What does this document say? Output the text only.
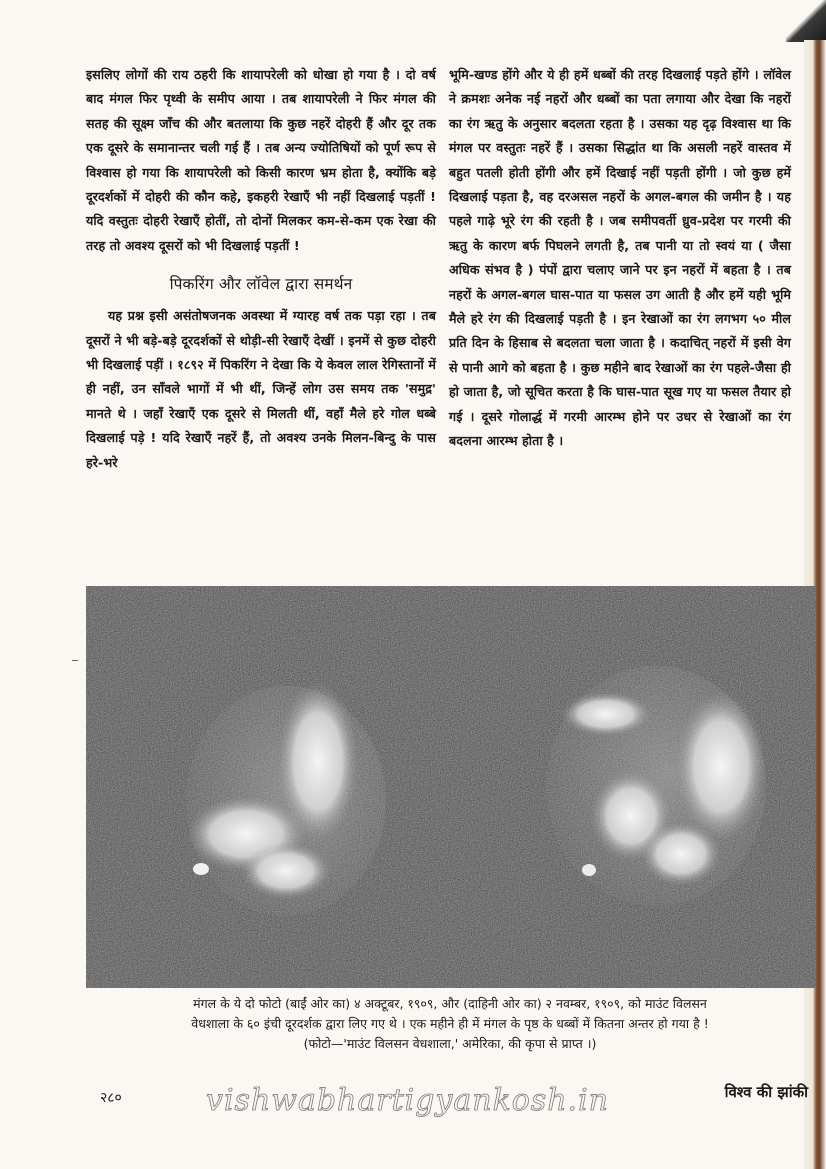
इसलिए लोगों की राय ठहरी कि शायापरेली को धोखा हो गया है । दो वर्ष बाद मंगल फिर पृथ्वी के समीप आया । तब शायापरेली ने फिर मंगल की सतह की सूक्ष्म जाँच की और बतलाया कि कुछ नहरें दोहरी हैं और दूर तक एक दूसरे के समानान्तर चली गई हैं । तब अन्य ज्योतिषियों को पूर्ण रूप से विश्वास हो गया कि शायापरेली को किसी कारण भ्रम होता है, क्योंकि बड़े दूरदर्शकों में दोहरी की कौन कहे, इकहरी रेखाएँ भी नहीं दिखलाई पड़तीं ! यदि वस्तुतः दोहरी रेखाएँ होतीं, तो दोनों मिलकर कम-से-कम एक रेखा की तरह तो अवश्य दूसरों को भी दिखलाई पड़तीं !

पिकरिंग और लॉवेल द्वारा समर्थन

यह प्रश्न इसी असंतोषजनक अवस्था में ग्यारह वर्ष तक पड़ा रहा । तब दूसरों ने भी बड़े-बड़े दूरदर्शकों से थोड़ी-सी रेखाएँ देखीं । इनमें से कुछ दोहरी भी दिखलाई पड़ीं । १८९२ में पिकरिंग ने देखा कि ये केवल लाल रेगिस्तानों में ही नहीं, उन साँवले भागों में भी थीं, जिन्हें लोग उस समय तक 'समुद्र' मानते थे । जहाँ रेखाएँ एक दूसरे से मिलती थीं, वहाँ मैले हरे गोल धब्बे दिखलाई पड़े ! यदि रेखाएँ नहरें हैं, तो अवश्य उनके मिलन-बिन्दु के पास हरे-भरे

भूमि-खण्ड होंगे और ये ही हमें धब्बों की तरह दिखलाई पड़ते होंगे । लॉवेल ने क्रमशः अनेक नई नहरों और धब्बों का पता लगाया और देखा कि नहरों का रंग ऋतु के अनुसार बदलता रहता है । उसका यह दृढ़ विश्वास था कि मंगल पर वस्तुतः नहरें हैं । उसका सिद्धांत था कि असली नहरें वास्तव में बहुत पतली होती होंगी और हमें दिखाई नहीं पड़ती होंगी । जो कुछ हमें दिखलाई पड़ता है, वह दरअसल नहरों के अगल-बगल की जमीन है । यह पहले गाढ़े भूरे रंग की रहती है । जब समीपवर्ती ध्रुव-प्रदेश पर गरमी की ऋतु के कारण बर्फ पिघलने लगती है, तब पानी या तो स्वयं या ( जैसा अधिक संभव है ) पंपों द्वारा चलाए जाने पर इन नहरों में बहता है । तब नहरों के अगल-बगल घास-पात या फसल उग आती है और हमें यही भूमि मैले हरे रंग की दिखलाई पड़ती है । इन रेखाओं का रंग लगभग ५० मील प्रति दिन के हिसाब से बदलता चला जाता है । कदाचित् नहरों में इसी वेग से पानी आगे को बहता है । कुछ महीने बाद रेखाओं का रंग पहले-जैसा ही हो जाता है, जो सूचित करता है कि घास-पात सूख गए या फसल तैयार हो गई । दूसरे गोलार्द्ध में गरमी आरम्भ होने पर उधर से रेखाओं का रंग बदलना आरम्भ होता है ।

मंगल के ये दो फोटो (बाईं ओर का) ४ अक्टूबर, १९०९, और (दाहिनी ओर का) २ नवम्बर, १९०९, को माउंट विलसन
वेधशाला के ६० इंची दूरदर्शक द्वारा लिए गए थे । एक महीने ही में मंगल के पृष्ठ के धब्बों में कितना अन्तर हो गया है !
(फोटो—'माउंट विलसन वेधशाला,' अमेरिका, की कृपा से प्राप्त ।)
२८०	vishwabhartigyankosh.in	विश्व की झांकी
